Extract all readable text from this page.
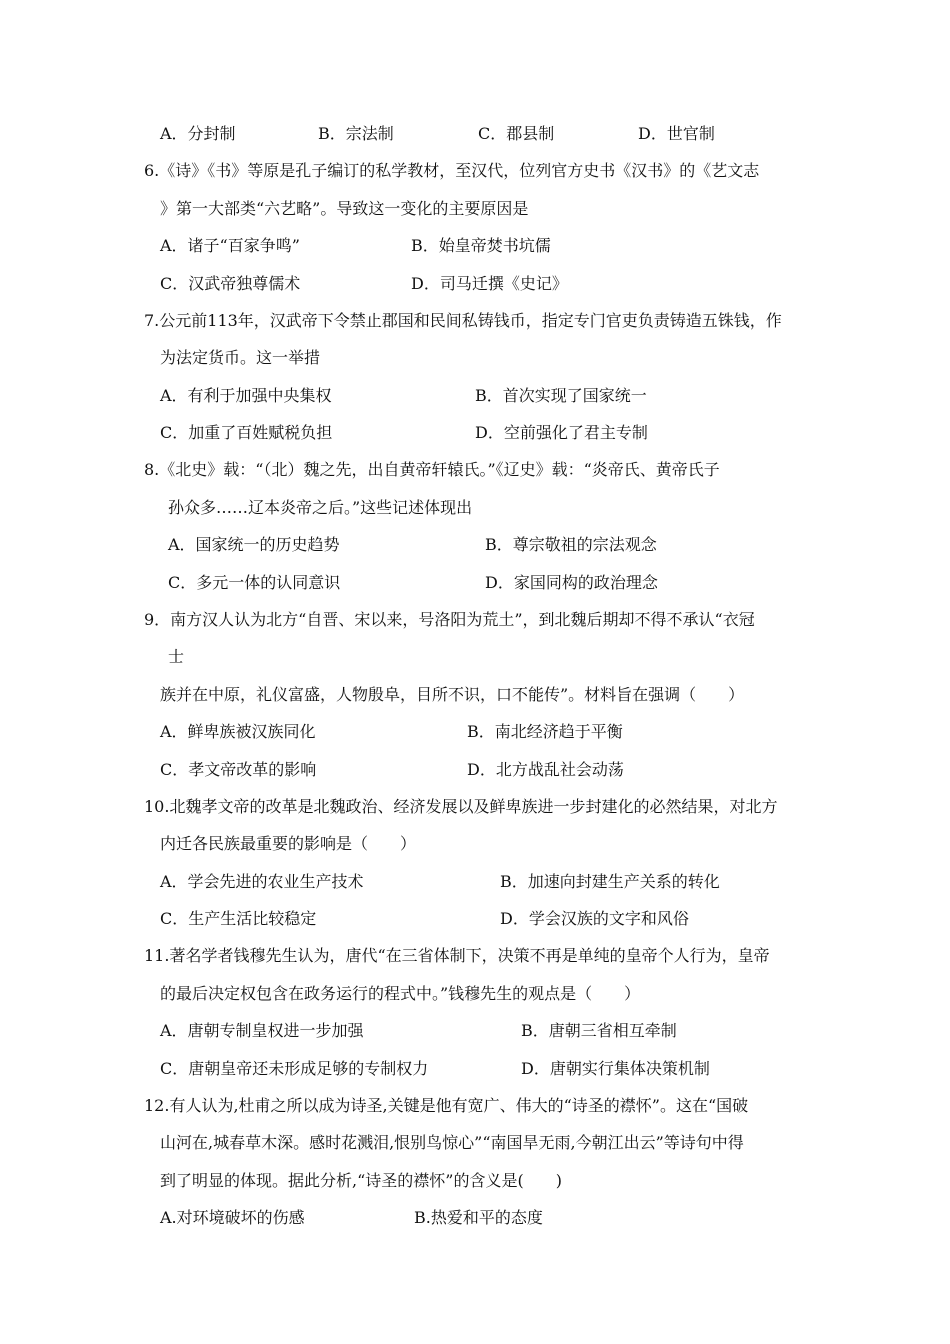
A．分封制	B．宗法制	C．郡县制	D．世官制
6.《诗》《书》等原是孔子编订的私学教材，至汉代，位列官方史书《汉书》的《艺文志
》第一大部类“六艺略”。导致这一变化的主要原因是
A．诸子“百家争鸣”	B．始皇帝焚书坑儒
C．汉武帝独尊儒术	D．司马迁撰《史记》
7.公元前113年，汉武帝下令禁止郡国和民间私铸钱币，指定专门官吏负责铸造五铢钱，作
为法定货币。这一举措
A．有利于加强中央集权	B．首次实现了国家统一
C．加重了百姓赋税负担	D．空前强化了君主专制
8.《北史》载：“（北）魏之先，出自黄帝轩辕氏。”《辽史》载：“炎帝氏、黄帝氏子
孙众多……辽本炎帝之后。”这些记述体现出
A．国家统一的历史趋势	B．尊宗敬祖的宗法观念
C．多元一体的认同意识	D．家国同构的政治理念
9．南方汉人认为北方“自晋、宋以来，号洛阳为荒土”，到北魏后期却不得不承认“衣冠
士
族并在中原，礼仪富盛，人物殷阜，目所不识，口不能传”。材料旨在强调（　　）
A．鲜卑族被汉族同化	B．南北经济趋于平衡
C．孝文帝改革的影响	D．北方战乱社会动荡
10.北魏孝文帝的改革是北魏政治、经济发展以及鲜卑族进一步封建化的必然结果，对北方
内迁各民族最重要的影响是（　　）
A．学会先进的农业生产技术	B．加速向封建生产关系的转化
C．生产生活比较稳定	D．学会汉族的文字和风俗
11.著名学者钱穆先生认为，唐代“在三省体制下，决策不再是单纯的皇帝个人行为，皇帝
的最后决定权包含在政务运行的程式中。”钱穆先生的观点是（　　）
A．唐朝专制皇权进一步加强	B．唐朝三省相互牵制
C．唐朝皇帝还未形成足够的专制权力	D．唐朝实行集体决策机制
12.有人认为,杜甫之所以成为诗圣,关键是他有宽广、伟大的“诗圣的襟怀”。这在“国破
山河在,城春草木深。感时花溅泪,恨别鸟惊心”“南国旱无雨,今朝江出云”等诗句中得
到了明显的体现。据此分析,“诗圣的襟怀”的含义是(　　)
A.对环境破坏的伤感	B.热爱和平的态度
